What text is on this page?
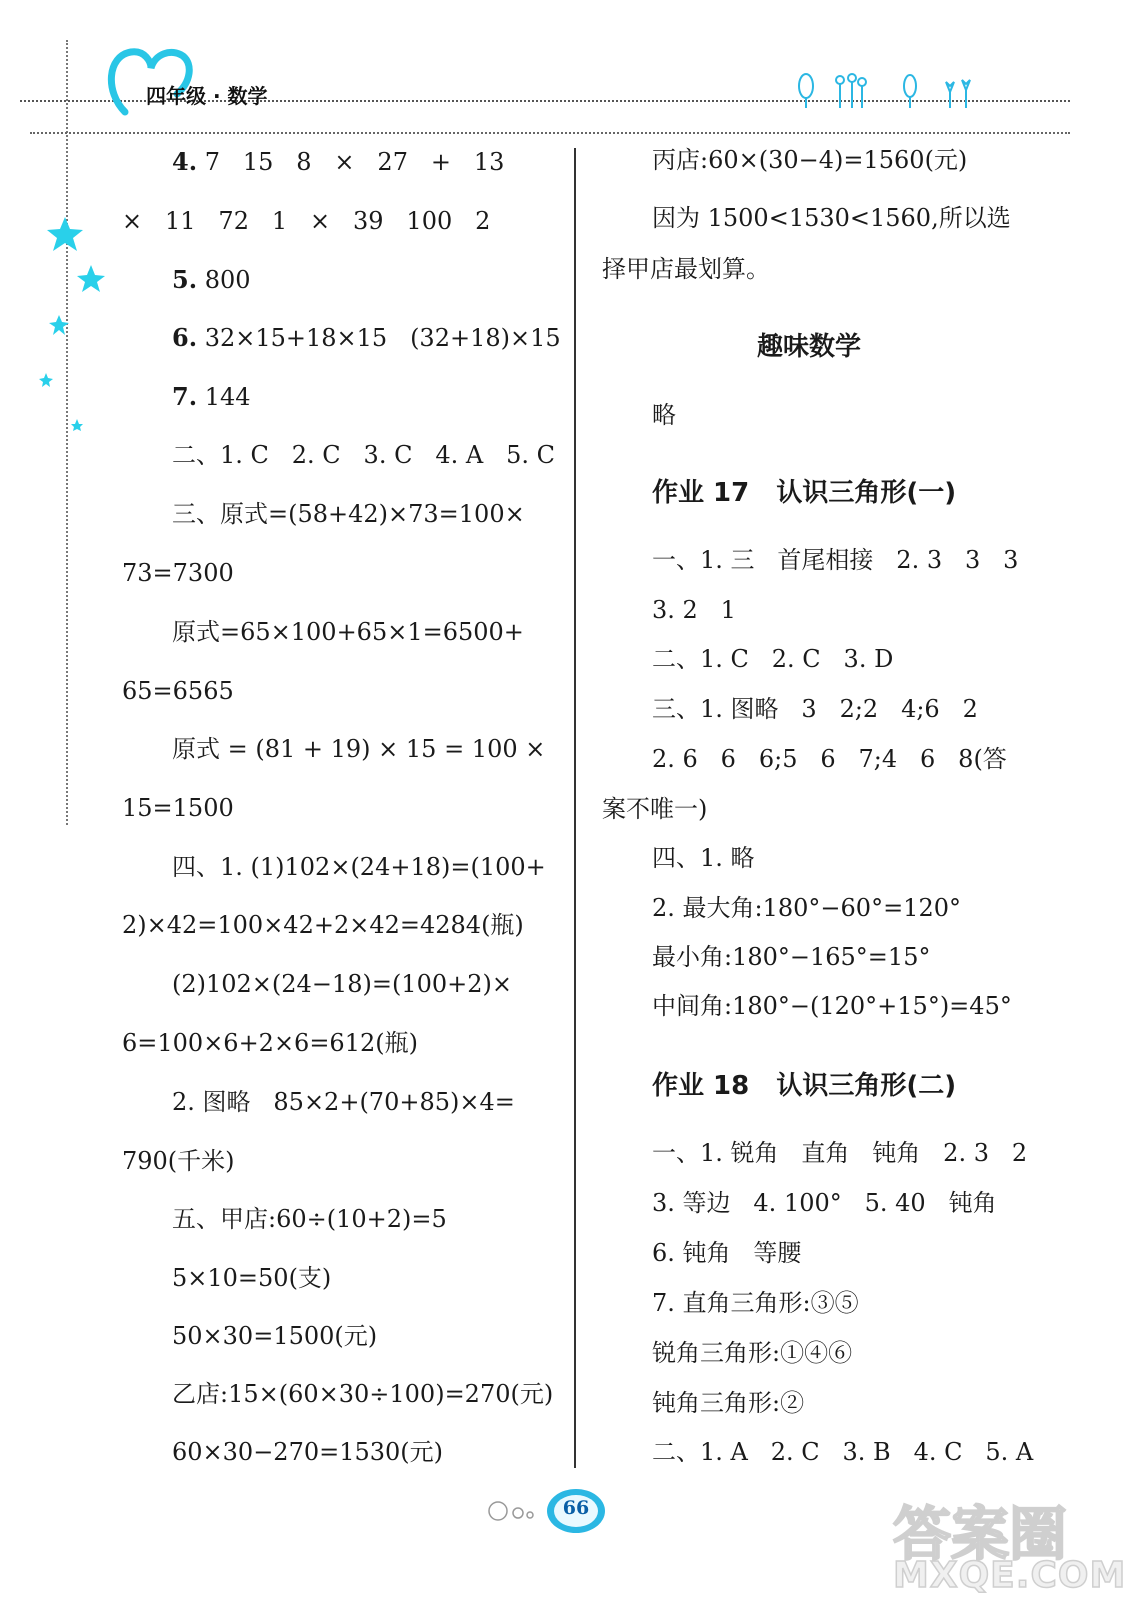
四年级 · 数学
4. 7   15   8   ×   27   +   13
×   11   72   1   ×   39   100   2
5. 800
6. 32×15+18×15   (32+18)×15
7. 144
二、1. C   2. C   3. C   4. A   5. C
三、原式=(58+42)×73=100×
73=7300
原式=65×100+65×1=6500+
65=6565
原式 = (81 + 19) × 15 = 100 ×
15=1500
四、1. (1)102×(24+18)=(100+
2)×42=100×42+2×42=4284(瓶)
(2)102×(24−18)=(100+2)×
6=100×6+2×6=612(瓶)
2. 图略   85×2+(70+85)×4=
790(千米)
五、甲店:60÷(10+2)=5
5×10=50(支)
50×30=1500(元)
乙店:15×(60×30÷100)=270(元)
60×30−270=1530(元)
丙店:60×(30−4)=1560(元)
因为 1500<1530<1560,所以选
择甲店最划算。
趣味数学
略
作业 17   认识三角形(一)
一、1. 三   首尾相接   2. 3   3   3
3. 2   1
二、1. C   2. C   3. D
三、1. 图略   3   2;2   4;6   2
2. 6   6   6;5   6   7;4   6   8(答
案不唯一)
四、1. 略
2. 最大角:180°−60°=120°
最小角:180°−165°=15°
中间角:180°−(120°+15°)=45°
作业 18   认识三角形(二)
一、1. 锐角   直角   钝角   2. 3   2
3. 等边   4. 100°   5. 40   钝角
6. 钝角   等腰
7. 直角三角形:③⑤
锐角三角形:①④⑥
钝角三角形:②
二、1. A   2. C   3. B   4. C   5. A
66	答案圈
MXQE.COM
